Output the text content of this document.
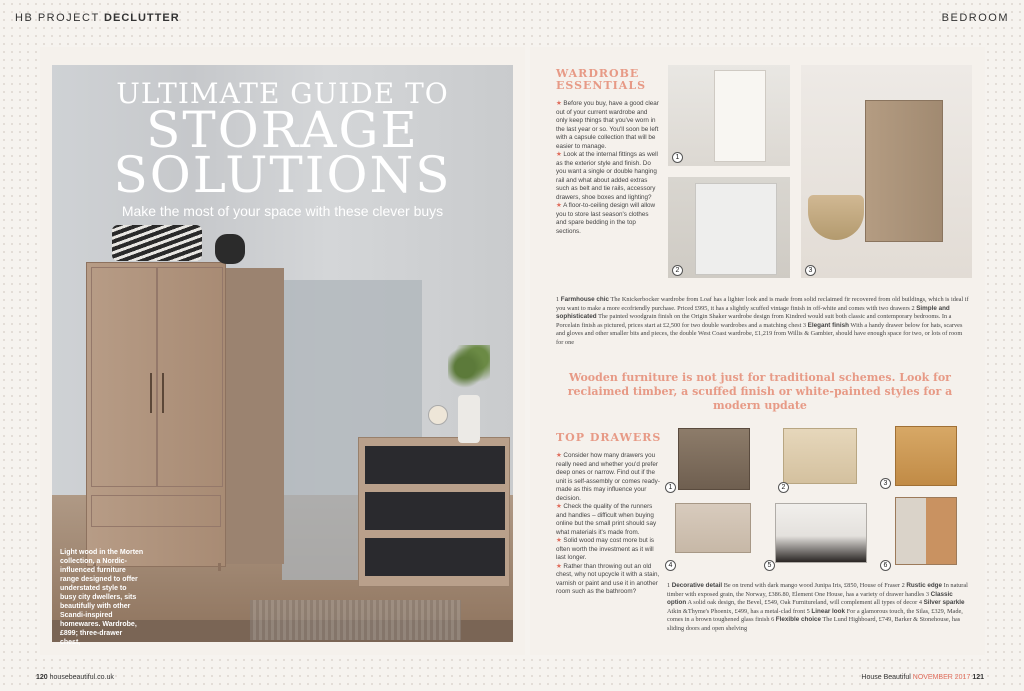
HB PROJECT DECLUTTER	BEDROOM
ULTIMATE GUIDE TO
STORAGE
SOLUTIONS
Make the most of your space with these clever buys
Light wood in the Morten collection, a Nordic-influenced furniture range designed to offer understated style to busy city dwellers, sits beautifully with other Scandi-inspired homewares. Wardrobe, £899; three-drawer chest,
WARDROBE
ESSENTIALS
★ Before you buy, have a good clear out of your current wardrobe and only keep things that you've worn in the last year or so. You'll soon be left with a capsule collection that will be easier to manage.
★ Look at the internal fittings as well as the exterior style and finish. Do you want a single or double hanging rail and what about added extras such as belt and tie rails, accessory drawers, shoe boxes and lighting?
★ A floor-to-ceiling design will allow you to store last season's clothes and spare bedding in the top sections.
1
2	3
1 Farmhouse chic The Knickerbocker wardrobe from Loaf has a lighter look and is made from solid reclaimed fir recovered from old buildings, which is ideal if you want to make a more ecofriendly purchase. Priced £995, it has a slightly scuffed vintage finish in off-white and comes with two drawers 2 Simple and sophisticated The painted woodgrain finish on the Origin Shaker wardrobe design from Kindred would suit both classic and contemporary bedrooms. In a Porcelain finish as pictured, prices start at £2,500 for two double wardrobes and a matching chest 3 Elegant finish With a handy drawer below for hats, scarves and gloves and other smaller bits and pieces, the double West Coast wardrobe, £1,219 from Willis & Gambier, should have enough space for two, or lots of room for one
Wooden furniture is not just for traditional schemes. Look for reclaimed timber, a scuffed finish or white-painted styles for a modern update
TOP DRAWERS
★ Consider how many drawers you really need and whether you'd prefer deep ones or narrow. Find out if the unit is self-assembly or comes ready-made as this may influence your decision.
★ Check the quality of the runners and handles – difficult when buying online but the small print should say what materials it's made from.
★ Solid wood may cost more but is often worth the investment as it will last longer.
★ Rather than throwing out an old chest, why not upcycle it with a stain, varnish or paint and use it in another room such as the bathroom?
1	2
3
4	5	6
1 Decorative detail Be on trend with dark mango wood Junipa Iris, £850, House of Fraser 2 Rustic edge In natural timber with exposed grain, the Norway, £386.80, Element One House, has a variety of drawer handles 3 Classic option A solid oak design, the Bevel, £549, Oak Furnitureland, will complement all types of decor 4 Silver sparkle Atkin &Thyme's Phoenix, £499, has a metal-clad front 5 Linear look For a glamorous touch, the Silas, £329, Made, comes in a brown toughened glass finish 6 Flexible choice The Lund Highboard, £749, Barker & Stonehouse, has sliding doors and open shelving
120 housebeautiful.co.uk	House Beautiful NOVEMBER 2017 121
